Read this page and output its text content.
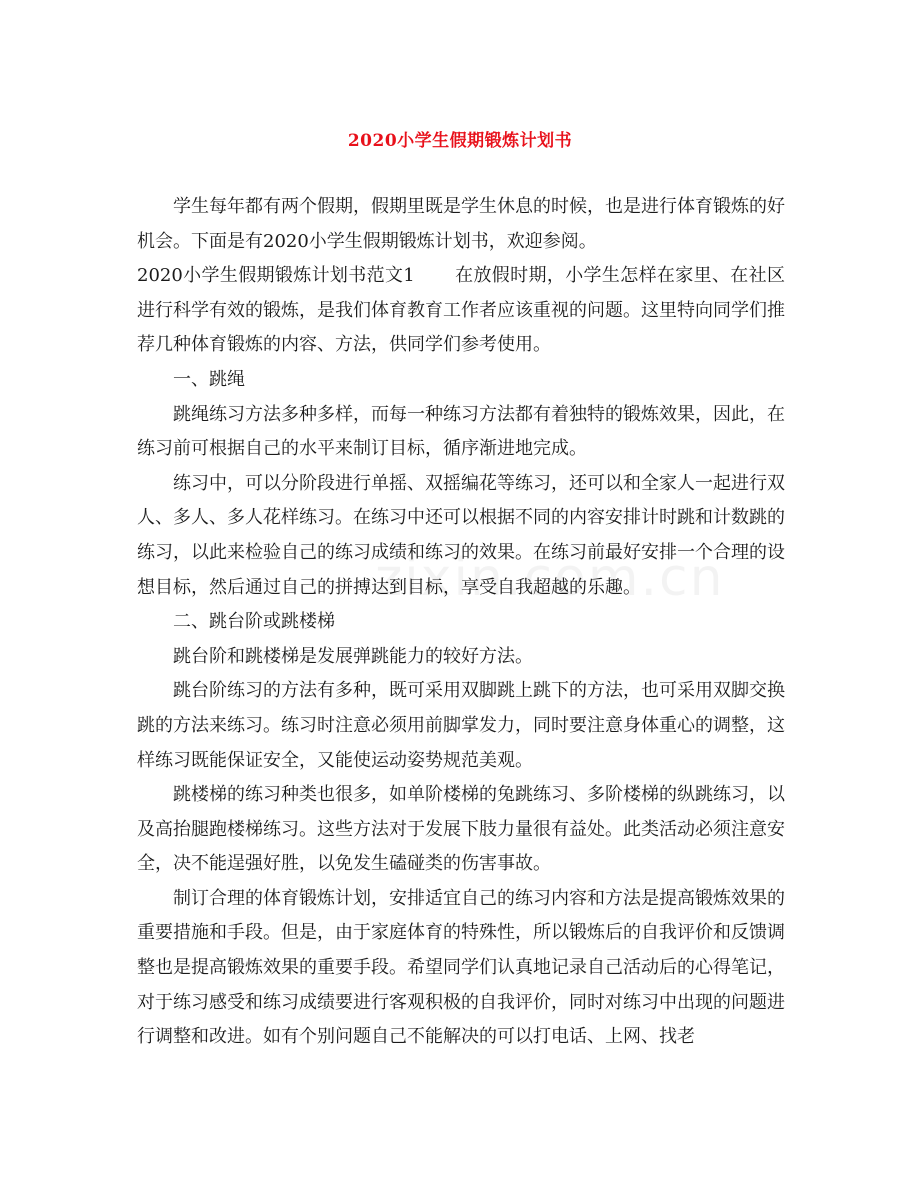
2020小学生假期锻炼计划书

学生每年都有两个假期，假期里既是学生休息的时候，也是进行体育锻炼的好机会。下面是有2020小学生假期锻炼计划书，欢迎参阅。

2020小学生假期锻炼计划书范文1 在放假时期，小学生怎样在家里、在社区进行科学有效的锻炼，是我们体育教育工作者应该重视的问题。这里特向同学们推荐几种体育锻炼的内容、方法，供同学们参考使用。

一、跳绳

跳绳练习方法多种多样，而每一种练习方法都有着独特的锻炼效果，因此，在练习前可根据自己的水平来制订目标，循序渐进地完成。

练习中，可以分阶段进行单摇、双摇编花等练习，还可以和全家人一起进行双人、多人、多人花样练习。在练习中还可以根据不同的内容安排计时跳和计数跳的练习，以此来检验自己的练习成绩和练习的效果。在练习前最好安排一个合理的设想目标，然后通过自己的拼搏达到目标，享受自我超越的乐趣。

二、跳台阶或跳楼梯

跳台阶和跳楼梯是发展弹跳能力的较好方法。

跳台阶练习的方法有多种，既可采用双脚跳上跳下的方法，也可采用双脚交换跳的方法来练习。练习时注意必须用前脚掌发力，同时要注意身体重心的调整，这样练习既能保证安全，又能使运动姿势规范美观。

跳楼梯的练习种类也很多，如单阶楼梯的兔跳练习、多阶楼梯的纵跳练习，以及高抬腿跑楼梯练习。这些方法对于发展下肢力量很有益处。此类活动必须注意安全，决不能逞强好胜，以免发生磕碰类的伤害事故。

制订合理的体育锻炼计划，安排适宜自己的练习内容和方法是提高锻炼效果的重要措施和手段。但是，由于家庭体育的特殊性，所以锻炼后的自我评价和反馈调整也是提高锻炼效果的重要手段。希望同学们认真地记录自己活动后的心得笔记，对于练习感受和练习成绩要进行客观积极的自我评价，同时对练习中出现的问题进行调整和改进。如有个别问题自己不能解决的可以打电话、上网、找老
